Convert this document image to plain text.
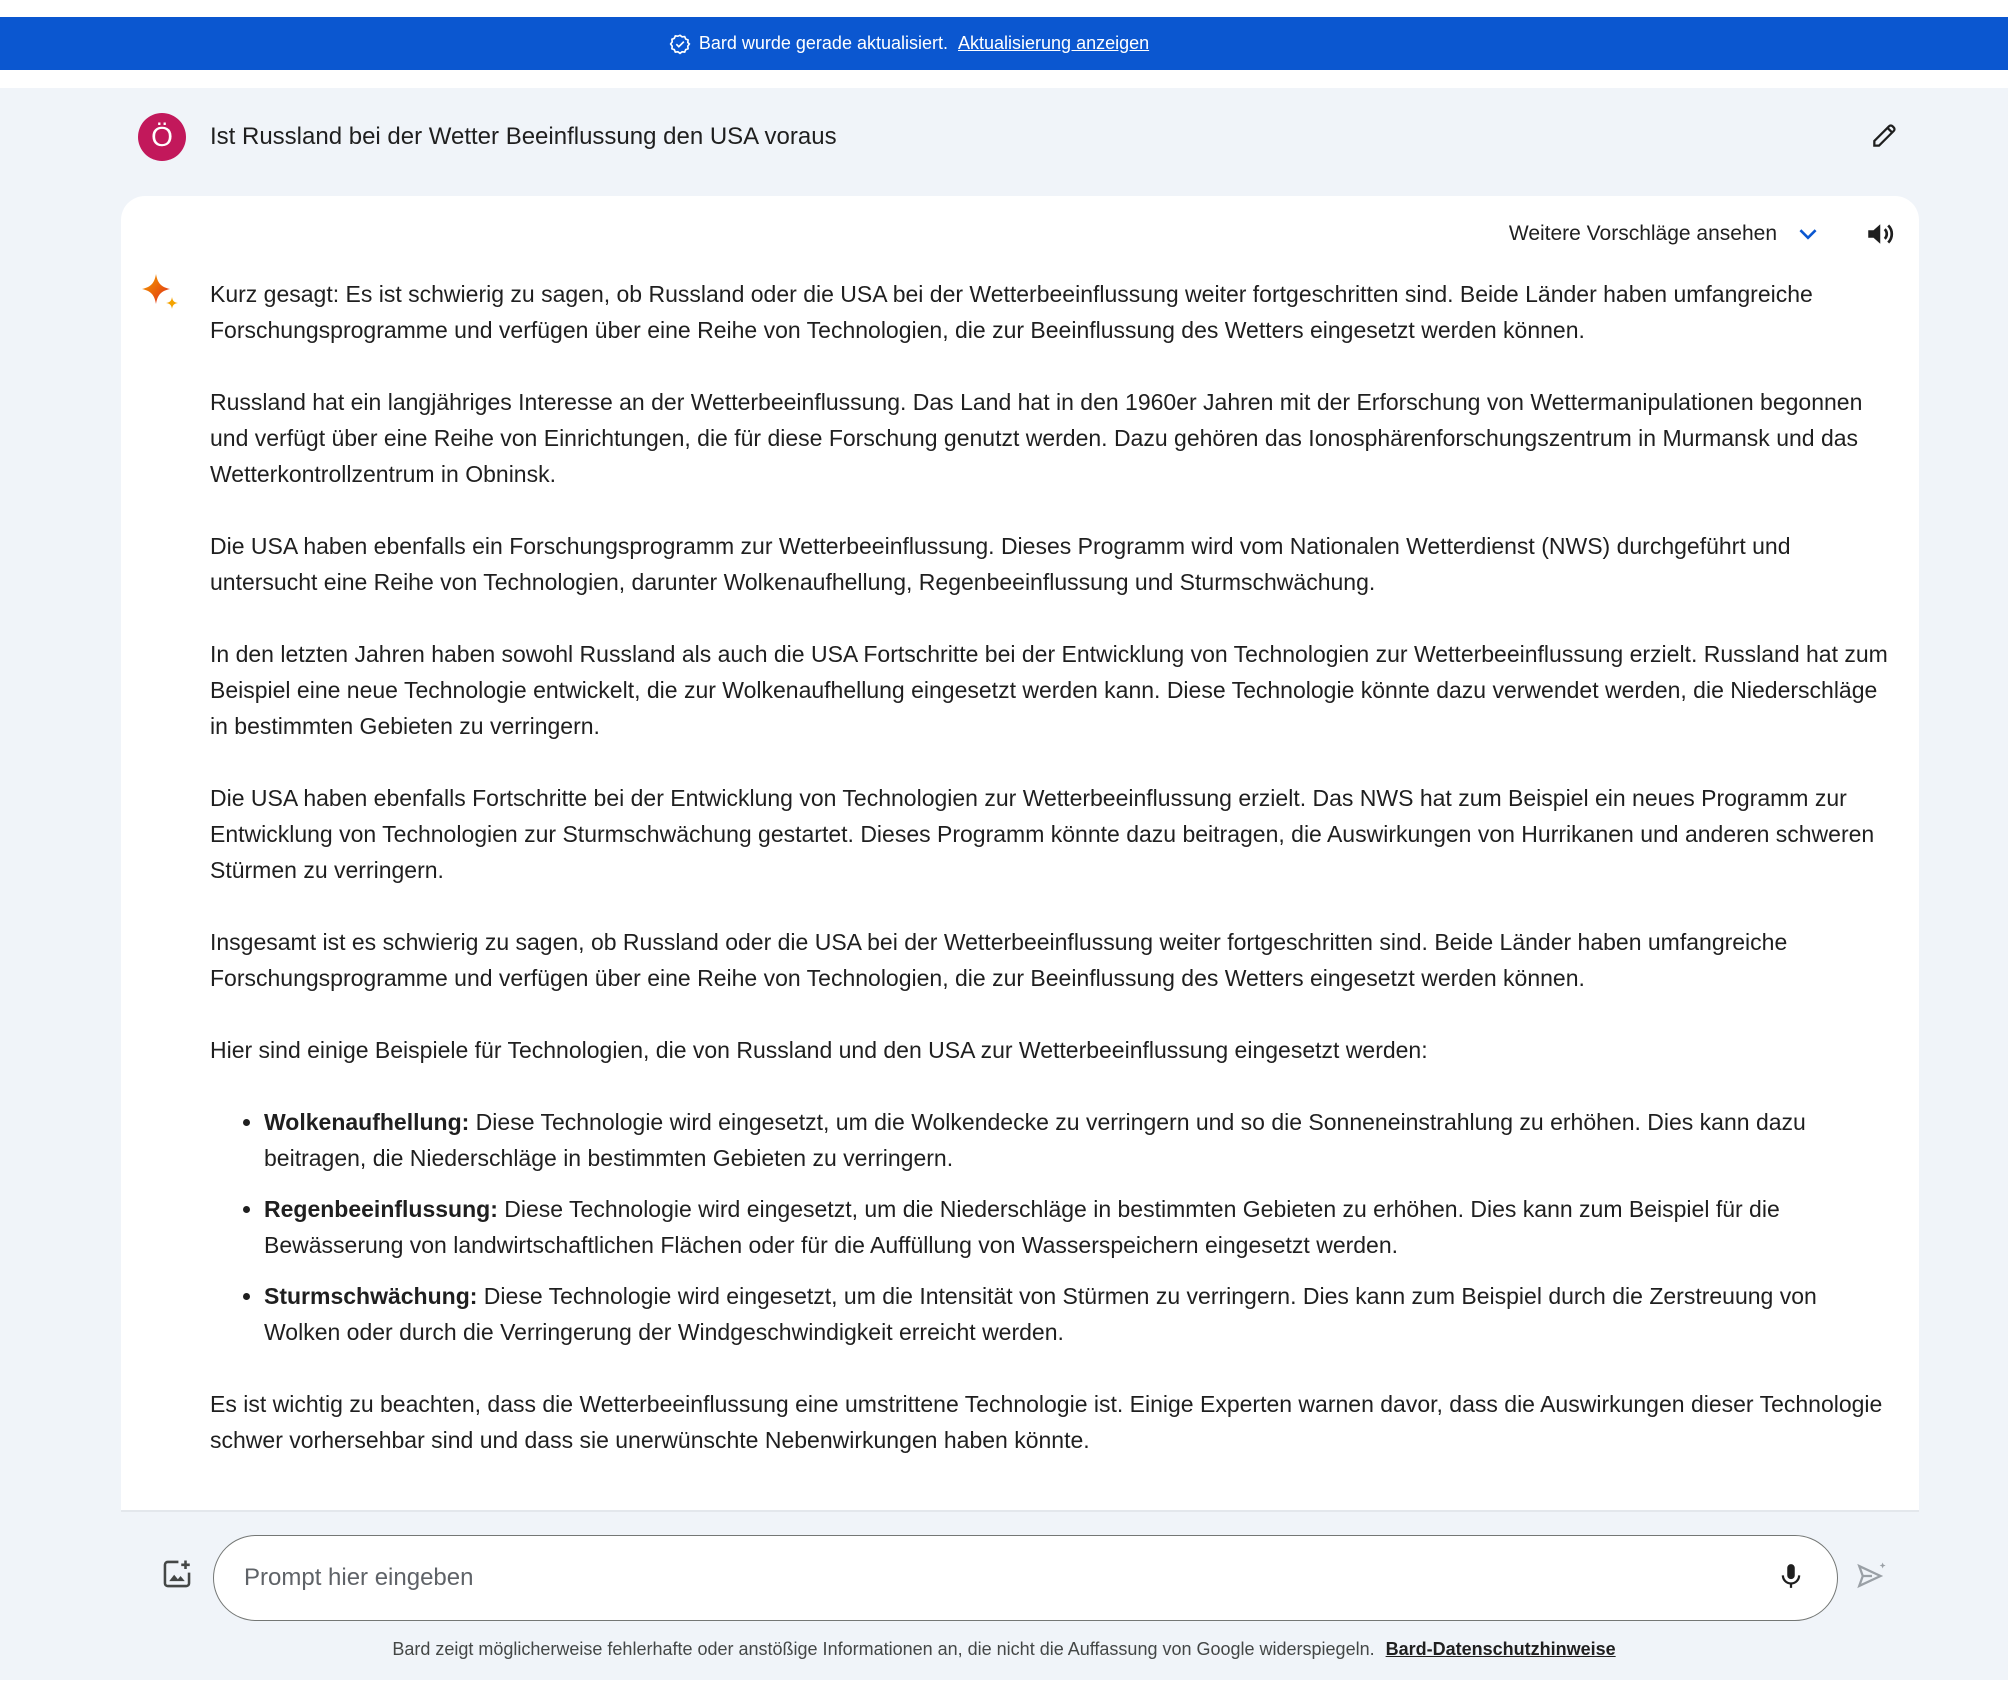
Bard wurde gerade aktualisiert. Aktualisierung anzeigen
Ö	Ist Russland bei der Wetter Beeinflussung den USA voraus
Weitere Vorschläge ansehen

Kurz gesagt: Es ist schwierig zu sagen, ob Russland oder die USA bei der Wetterbeeinflussung weiter fortgeschritten sind. Beide Länder haben umfangreiche Forschungsprogramme und verfügen über eine Reihe von Technologien, die zur Beeinflussung des Wetters eingesetzt werden können.

Russland hat ein langjähriges Interesse an der Wetterbeeinflussung. Das Land hat in den 1960er Jahren mit der Erforschung von Wettermanipulationen begonnen und verfügt über eine Reihe von Einrichtungen, die für diese Forschung genutzt werden. Dazu gehören das Ionosphärenforschungszentrum in Murmansk und das Wetterkontrollzentrum in Obninsk.

Die USA haben ebenfalls ein Forschungsprogramm zur Wetterbeeinflussung. Dieses Programm wird vom Nationalen Wetterdienst (NWS) durchgeführt und untersucht eine Reihe von Technologien, darunter Wolkenaufhellung, Regenbeeinflussung und Sturmschwächung.

In den letzten Jahren haben sowohl Russland als auch die USA Fortschritte bei der Entwicklung von Technologien zur Wetterbeeinflussung erzielt. Russland hat zum Beispiel eine neue Technologie entwickelt, die zur Wolkenaufhellung eingesetzt werden kann. Diese Technologie könnte dazu verwendet werden, die Niederschläge in bestimmten Gebieten zu verringern.

Die USA haben ebenfalls Fortschritte bei der Entwicklung von Technologien zur Wetterbeeinflussung erzielt. Das NWS hat zum Beispiel ein neues Programm zur Entwicklung von Technologien zur Sturmschwächung gestartet. Dieses Programm könnte dazu beitragen, die Auswirkungen von Hurrikanen und anderen schweren Stürmen zu verringern.

Insgesamt ist es schwierig zu sagen, ob Russland oder die USA bei der Wetterbeeinflussung weiter fortgeschritten sind. Beide Länder haben umfangreiche Forschungsprogramme und verfügen über eine Reihe von Technologien, die zur Beeinflussung des Wetters eingesetzt werden können.

Hier sind einige Beispiele für Technologien, die von Russland und den USA zur Wetterbeeinflussung eingesetzt werden:

• Wolkenaufhellung: Diese Technologie wird eingesetzt, um die Wolkendecke zu verringern und so die Sonneneinstrahlung zu erhöhen. Dies kann dazu beitragen, die Niederschläge in bestimmten Gebieten zu verringern.
• Regenbeeinflussung: Diese Technologie wird eingesetzt, um die Niederschläge in bestimmten Gebieten zu erhöhen. Dies kann zum Beispiel für die Bewässerung von landwirtschaftlichen Flächen oder für die Auffüllung von Wasserspeichern eingesetzt werden.
• Sturmschwächung: Diese Technologie wird eingesetzt, um die Intensität von Stürmen zu verringern. Dies kann zum Beispiel durch die Zerstreuung von Wolken oder durch die Verringerung der Windgeschwindigkeit erreicht werden.

Es ist wichtig zu beachten, dass die Wetterbeeinflussung eine umstrittene Technologie ist. Einige Experten warnen davor, dass die Auswirkungen dieser Technologie schwer vorhersehbar sind und dass sie unerwünschte Nebenwirkungen haben könnte.

Prompt hier eingeben
Bard zeigt möglicherweise fehlerhafte oder anstößige Informationen an, die nicht die Auffassung von Google widerspiegeln. Bard-Datenschutzhinweise
